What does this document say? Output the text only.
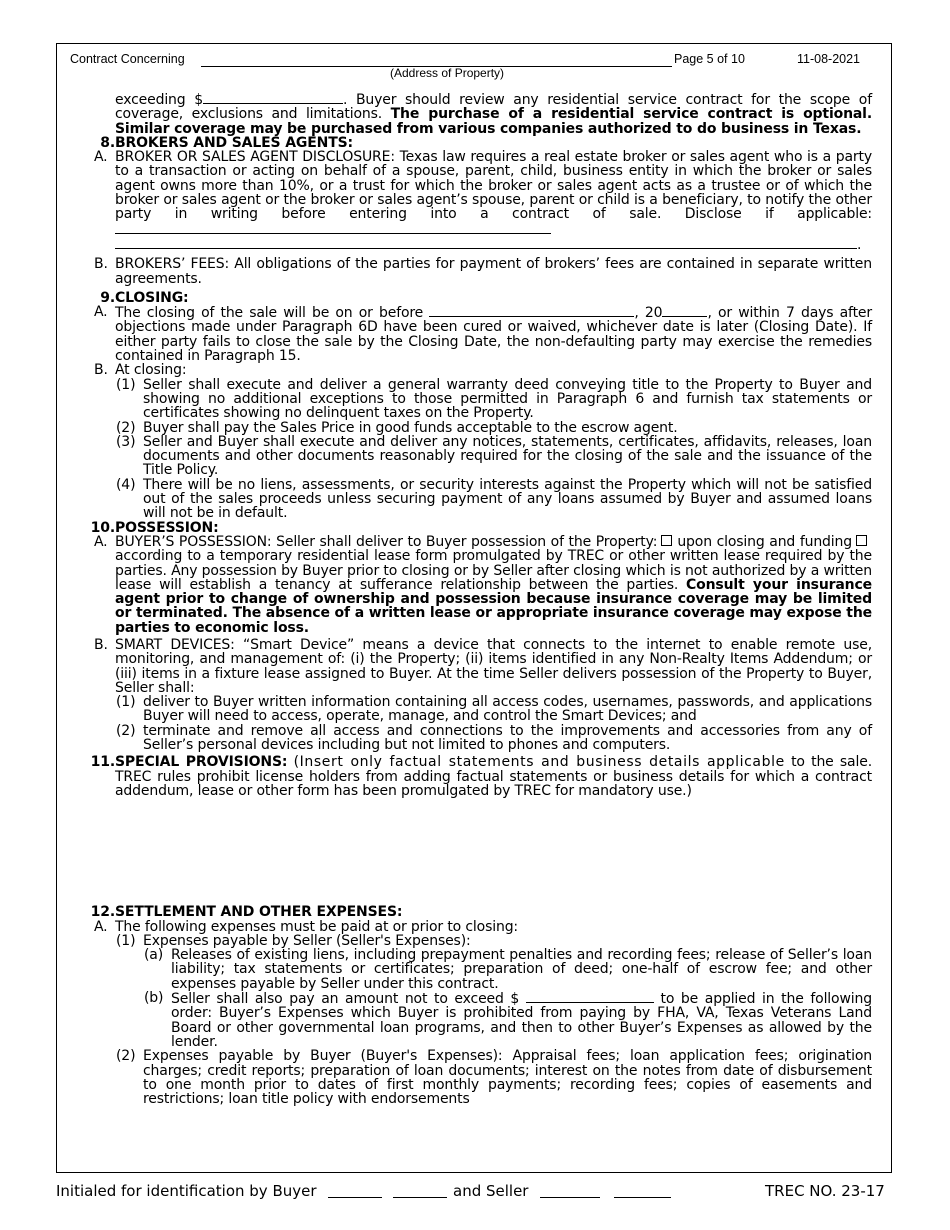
Contract Concerning	Page 5 of 10	11-08-2021
(Address of Property)

exceeding $	. Buyer should review any residential service contract for the scope of coverage, exclusions and limitations. The purchase of a residential service contract is optional. Similar coverage may be purchased from various companies authorized to do business in Texas.

8. BROKERS AND SALES AGENTS:

A. BROKER OR SALES AGENT DISCLOSURE: Texas law requires a real estate broker or sales agent who is a party to a transaction or acting on behalf of a spouse, parent, child, business entity in which the broker or sales agent owns more than 10%, or a trust for which the broker or sales agent acts as a trustee or of which the broker or sales agent or the broker or sales agent’s spouse, parent or child is a beneficiary, to notify the other party in writing before entering into a contract of sale. Disclose if applicable:

.

B. BROKERS’ FEES: All obligations of the parties for payment of brokers’ fees are contained in separate written agreements.

9. CLOSING:

A. The closing of the sale will be on or before	, 20	, or within 7 days after objections made under Paragraph 6D have been cured or waived, whichever date is later (Closing Date). If either party fails to close the sale by the Closing Date, the non-defaulting party may exercise the remedies contained in Paragraph 15.

B. At closing:

(1) Seller shall execute and deliver a general warranty deed conveying title to the Property to Buyer and showing no additional exceptions to those permitted in Paragraph 6 and furnish tax statements or certificates showing no delinquent taxes on the Property.

(2) Buyer shall pay the Sales Price in good funds acceptable to the escrow agent.

(3) Seller and Buyer shall execute and deliver any notices, statements, certificates, affidavits, releases, loan documents and other documents reasonably required for the closing of the sale and the issuance of the Title Policy.

(4) There will be no liens, assessments, or security interests against the Property which will not be satisfied out of the sales proceeds unless securing payment of any loans assumed by Buyer and assumed loans will not be in default.

10. POSSESSION:

A. BUYER’S POSSESSION: Seller shall deliver to Buyer possession of the Property: upon closing and fundingaccording to a temporary residential lease form promulgated by TREC or other written lease required by the parties. Any possession by Buyer prior to closing or by Seller after closing which is not authorized by a written lease will establish a tenancy at sufferance relationship between the parties. Consult your insurance agent prior to change of ownership and possession because insurance coverage may be limited or terminated. The absence of a written lease or appropriate insurance coverage may expose the parties to economic loss.

B. SMART DEVICES: “Smart Device” means a device that connects to the internet to enable remote use, monitoring, and management of: (i) the Property; (ii) items identified in any Non-Realty Items Addendum; or (iii) items in a fixture lease assigned to Buyer. At the time Seller delivers possession of the Property to Buyer, Seller shall:

(1) deliver to Buyer written information containing all access codes, usernames, passwords, and applications Buyer will need to access, operate, manage, and control the Smart Devices; and

(2) terminate and remove all access and connections to the improvements and accessories from any of Seller’s personal devices including but not limited to phones and computers.

11. SPECIAL PROVISIONS: (Insert only factual statements and business details applicable to the sale. TREC rules prohibit license holders from adding factual statements or business details for which a contract addendum, lease or other form has been promulgated by TREC for mandatory use.)

12. SETTLEMENT AND OTHER EXPENSES:

A. The following expenses must be paid at or prior to closing:

(1) Expenses payable by Seller (Seller's Expenses):

(a) Releases of existing liens, including prepayment penalties and recording fees; release of Seller’s loan liability; tax statements or certificates; preparation of deed; one-half of escrow fee; and other expenses payable by Seller under this contract.

(b) Seller shall also pay an amount not to exceed $	to be applied in the following order: Buyer’s Expenses which Buyer is prohibited from paying by FHA, VA, Texas Veterans Land Board or other governmental loan programs, and then to other Buyer’s Expenses as allowed by the lender.

(2) Expenses payable by Buyer (Buyer's Expenses): Appraisal fees; loan application fees; origination charges; credit reports; preparation of loan documents; interest on the notes from date of disbursement to one month prior to dates of first monthly payments; recording fees; copies of easements and restrictions; loan title policy with endorsements

Initialed for identification by Buyer	and Seller	TREC NO. 23-17
